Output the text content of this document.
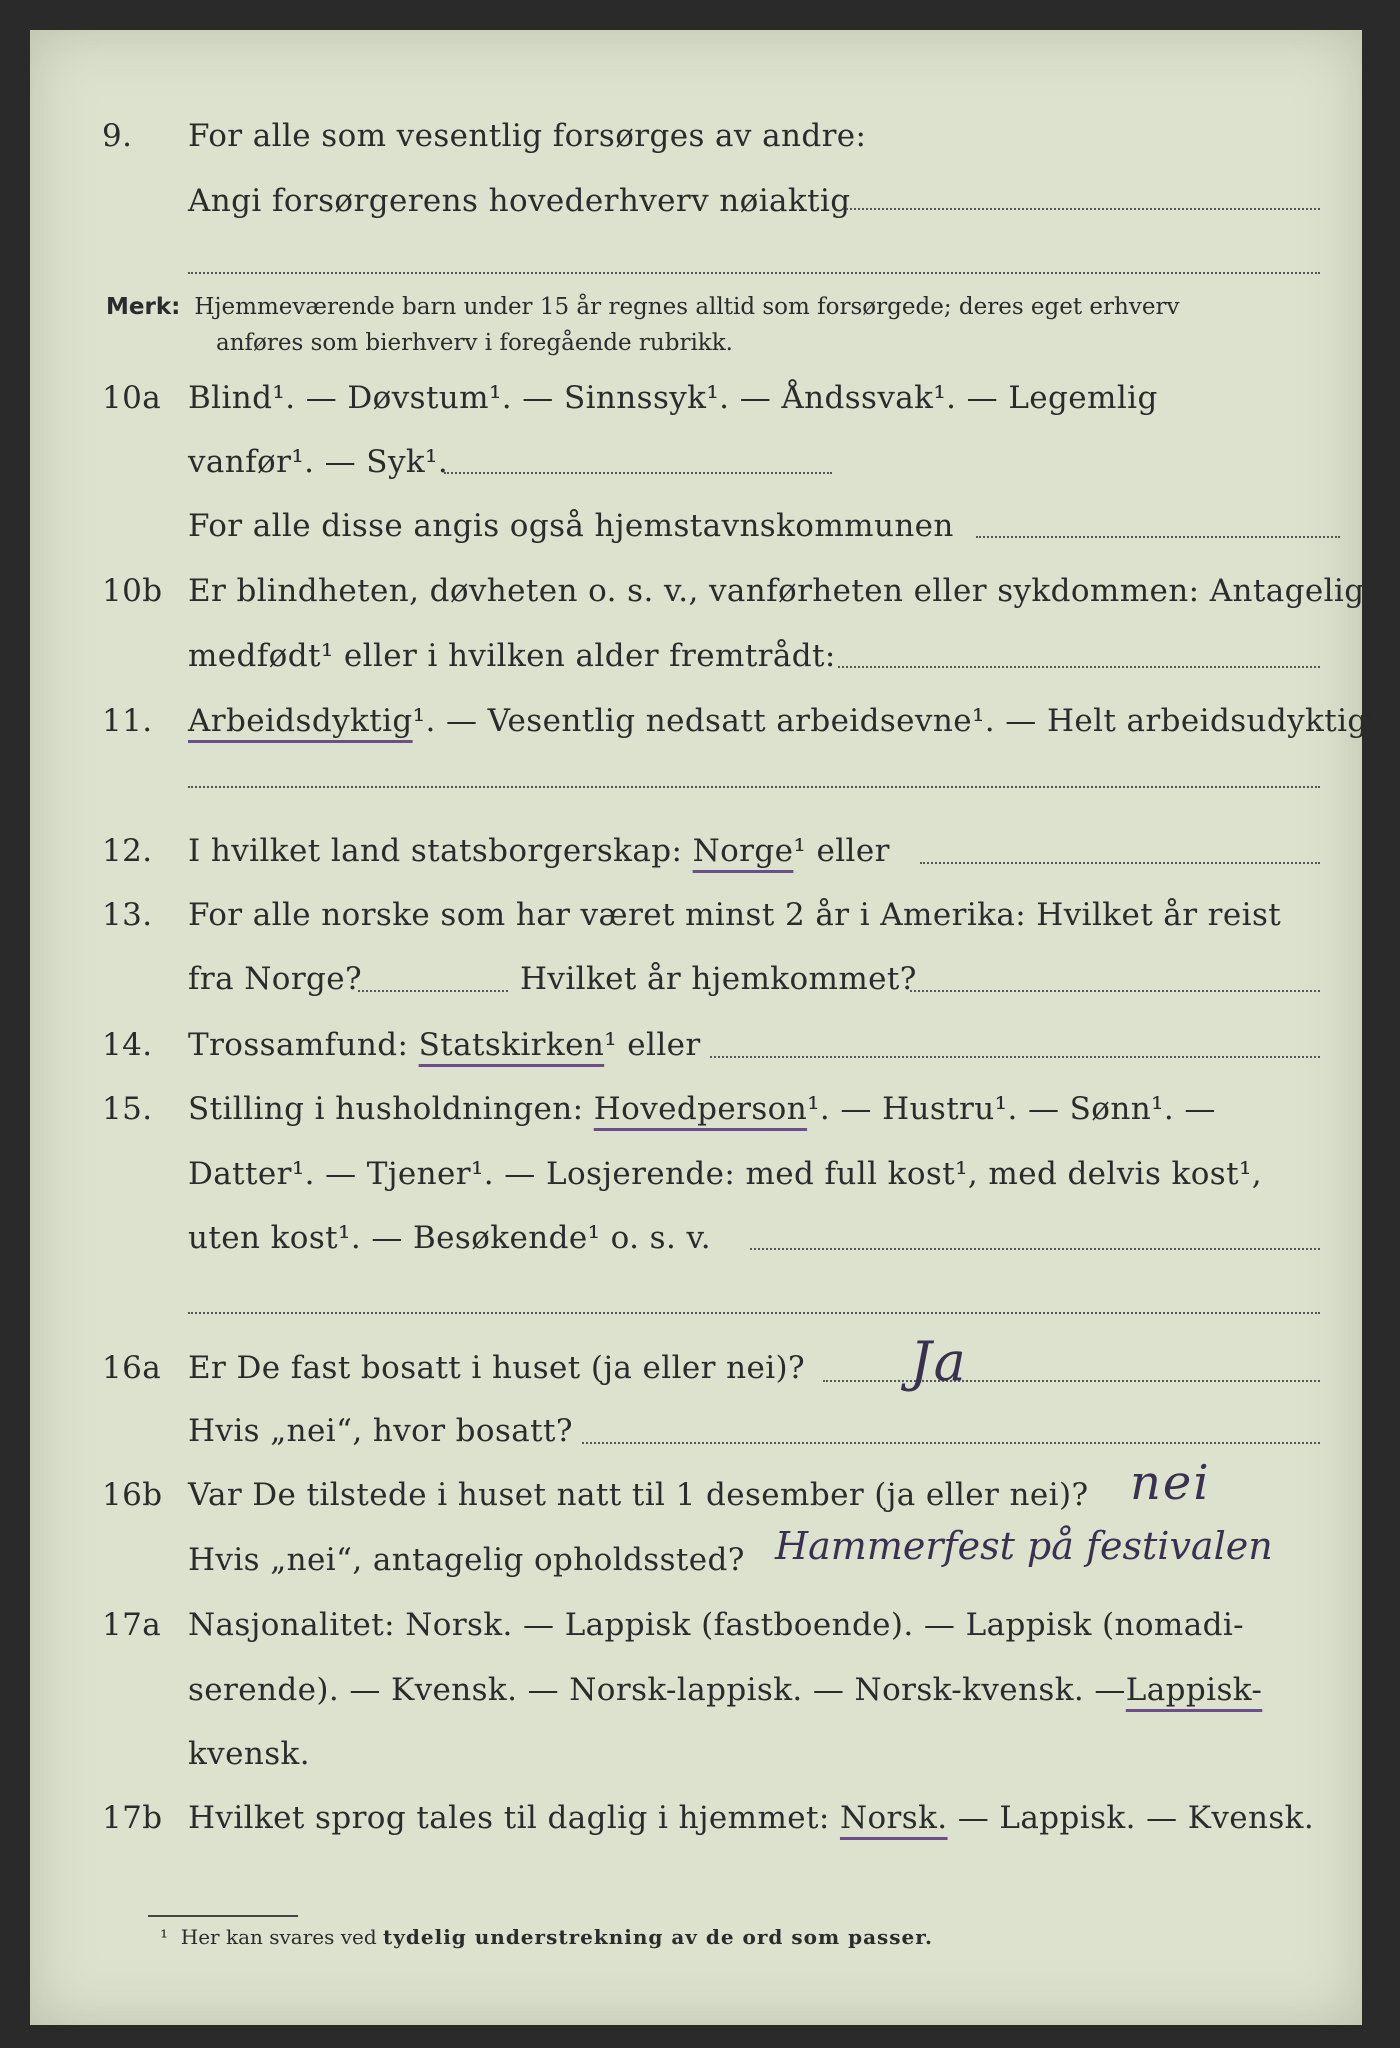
9. For alle som vesentlig forsørges av andre:
Angi forsørgerens hovederhverv nøiaktig
Merk: Hjemmeværende barn under 15 år regnes alltid som forsørgede; deres eget erhverv
anføres som bierhverv i foregående rubrikk.
10a Blind¹. — Døvstum¹. — Sinnssyk¹. — Åndssvak¹. — Legemlig
vanfør¹. — Syk¹.
For alle disse angis også hjemstavnskommunen
10b Er blindheten, døvheten o. s. v., vanførheten eller sykdommen: Antagelig
medfødt¹ eller i hvilken alder fremtrådt:
11. Arbeidsdyktig¹. — Vesentlig nedsatt arbeidsevne¹. — Helt arbeidsudyktig¹.
12. I hvilket land statsborgerskap: Norge¹ eller
13. For alle norske som har været minst 2 år i Amerika: Hvilket år reist
fra Norge?	Hvilket år hjemkommet?
14. Trossamfund: Statskirken¹ eller
15. Stilling i husholdningen: Hovedperson¹. — Hustru¹. — Sønn¹. —
Datter¹. — Tjener¹. — Losjerende: med full kost¹, med delvis kost¹,
uten kost¹. — Besøkende¹ o. s. v.
16a Er De fast bosatt i huset (ja eller nei)? Ja
Hvis „nei“, hvor bosatt?
16b Var De tilstede i huset natt til 1 desember (ja eller nei)? nei
Hvis „nei“, antagelig opholdssted? Hammerfest på festivalen
17a Nasjonalitet: Norsk. — Lappisk (fastboende). — Lappisk (nomadi-
serende). — Kvensk. — Norsk-lappisk. — Norsk-kvensk. —Lappisk-
kvensk.
17b Hvilket sprog tales til daglig i hjemmet: Norsk. — Lappisk. — Kvensk.
¹ Her kan svares ved tydelig understrekning av de ord som passer.
